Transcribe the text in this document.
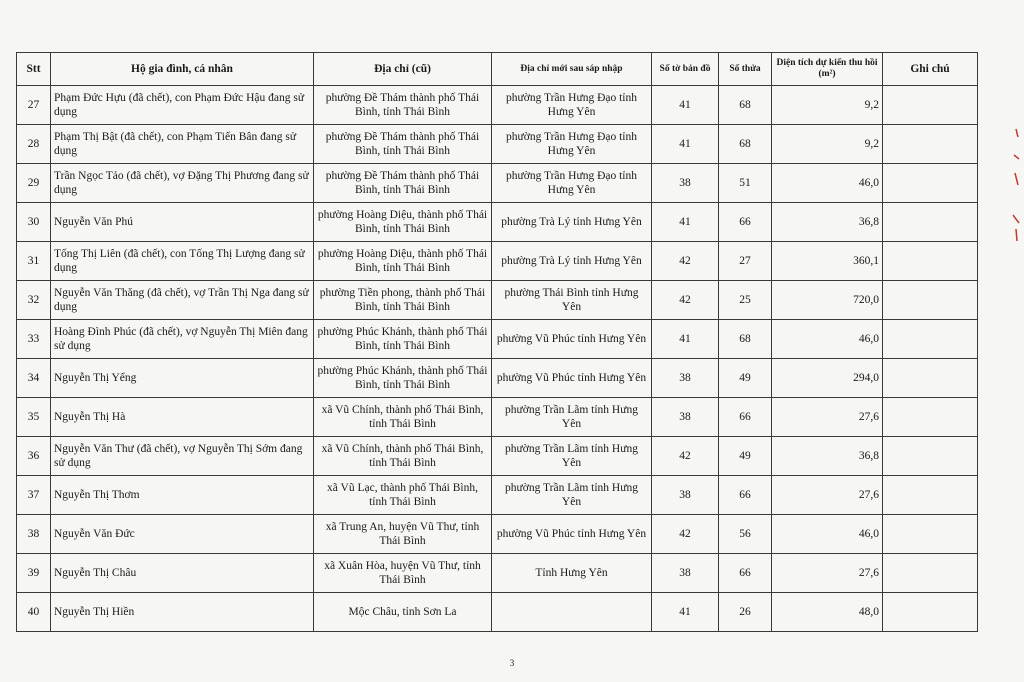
Stt	Hộ gia đình, cá nhân	Địa chỉ (cũ)	Địa chỉ mới sau sáp nhập	Số tờ bản đồ	Số thửa	Diện tích dự kiến thu hồi (m²)	Ghi chú
27	Phạm Đức Hựu (đã chết), con Phạm Đức Hậu đang sử dụng	phường Đề Thám thành phố Thái Bình, tỉnh Thái Bình	phường Trần Hưng Đạo tỉnh Hưng Yên	41	68	9,2	
28	Phạm Thị Bật (đã chết), con Phạm Tiến Bân đang sử dụng	phường Đề Thám thành phố Thái Bình, tỉnh Thái Bình	phường Trần Hưng Đạo tỉnh Hưng Yên	41	68	9,2	
29	Trần Ngọc Tảo (đã chết), vợ Đặng Thị Phương đang sử dụng	phường Đề Thám thành phố Thái Bình, tỉnh Thái Bình	phường Trần Hưng Đạo tỉnh Hưng Yên	38	51	46,0	
30	Nguyễn Văn Phú	phường Hoàng Diệu, thành phố Thái Bình, tỉnh Thái Bình	phường Trà Lý tỉnh Hưng Yên	41	66	36,8	
31	Tống Thị Liên (đã chết), con Tống Thị Lượng đang sử dụng	phường Hoàng Diệu, thành phố Thái Bình, tỉnh Thái Bình	phường Trà Lý tỉnh Hưng Yên	42	27	360,1	
32	Nguyễn Văn Thăng (đã chết), vợ Trần Thị Nga đang sử dụng	phường Tiền phong, thành phố Thái Bình, tỉnh Thái Bình	phường Thái Bình tỉnh Hưng Yên	42	25	720,0	
33	Hoàng Đình Phúc (đã chết), vợ Nguyễn Thị Miên đang sử dụng	phường Phúc Khánh, thành phố Thái Bình, tỉnh Thái Bình	phường Vũ Phúc tỉnh Hưng Yên	41	68	46,0	
34	Nguyễn Thị Yểng	phường Phúc Khánh, thành phố Thái Bình, tỉnh Thái Bình	phường Vũ Phúc tỉnh Hưng Yên	38	49	294,0	
35	Nguyễn Thị Hà	xã Vũ Chính, thành phố Thái Bình, tỉnh Thái Bình	phường Trần Lãm tỉnh Hưng Yên	38	66	27,6	
36	Nguyễn Văn Thư (đã chết), vợ Nguyễn Thị Sớm đang sử dụng	xã Vũ Chính, thành phố Thái Bình, tỉnh Thái Bình	phường Trần Lãm tỉnh Hưng Yên	42	49	36,8	
37	Nguyễn Thị Thơm	xã Vũ Lạc, thành phố Thái Bình, tỉnh Thái Bình	phường Trần Lãm tỉnh Hưng Yên	38	66	27,6	
38	Nguyễn Văn Đức	xã Trung An, huyện Vũ Thư, tỉnh Thái Bình	phường Vũ Phúc tỉnh Hưng Yên	42	56	46,0	
39	Nguyễn Thị Châu	xã Xuân Hòa, huyện Vũ Thư, tỉnh Thái Bình	Tỉnh Hưng Yên	38	66	27,6	
40	Nguyễn Thị Hiền	Mộc Châu, tỉnh Sơn La		41	26	48,0	
3
